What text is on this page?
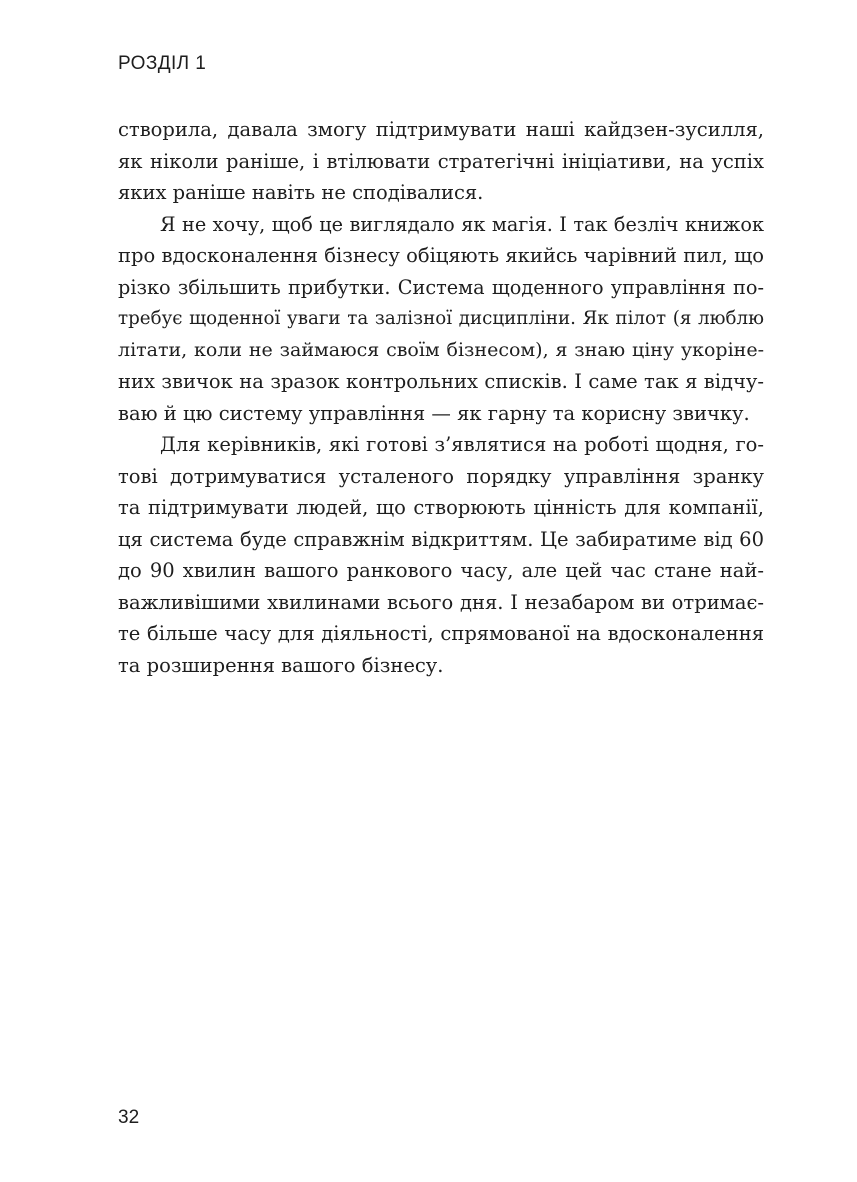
РОЗДІЛ 1

створила, давала змогу підтримувати наші кайдзен-зусилля,
як ніколи раніше, і втілювати стратегічні ініціативи, на успіх
яких раніше навіть не сподівалися.

Я не хочу, щоб це виглядало як магія. І так безліч книжок
про вдосконалення бізнесу обіцяють якийсь чарівний пил, що
різко збільшить прибутки. Система щоденного управління по-
требує щоденної уваги та залізної дисципліни. Як пілот (я люблю
літати, коли не займаюся своїм бізнесом), я знаю ціну укорінe-
них звичок на зразок контрольних списків. І саме так я відчу-
ваю й цю систему управління — як гарну та корисну звичку.

Для керівників, які готові з’являтися на роботі щодня, го-
тові дотримуватися усталеного порядку управління зранку
та підтримувати людей, що створюють цінність для компанії,
ця система буде справжнім відкриттям. Це забиратиме від 60
до 90 хвилин вашого ранкового часу, але цей час стане най-
важливішими хвилинами всього дня. І незабаром ви отримає-
те більше часу для діяльності, спрямованої на вдосконалення
та розширення вашого бізнесу.

32
